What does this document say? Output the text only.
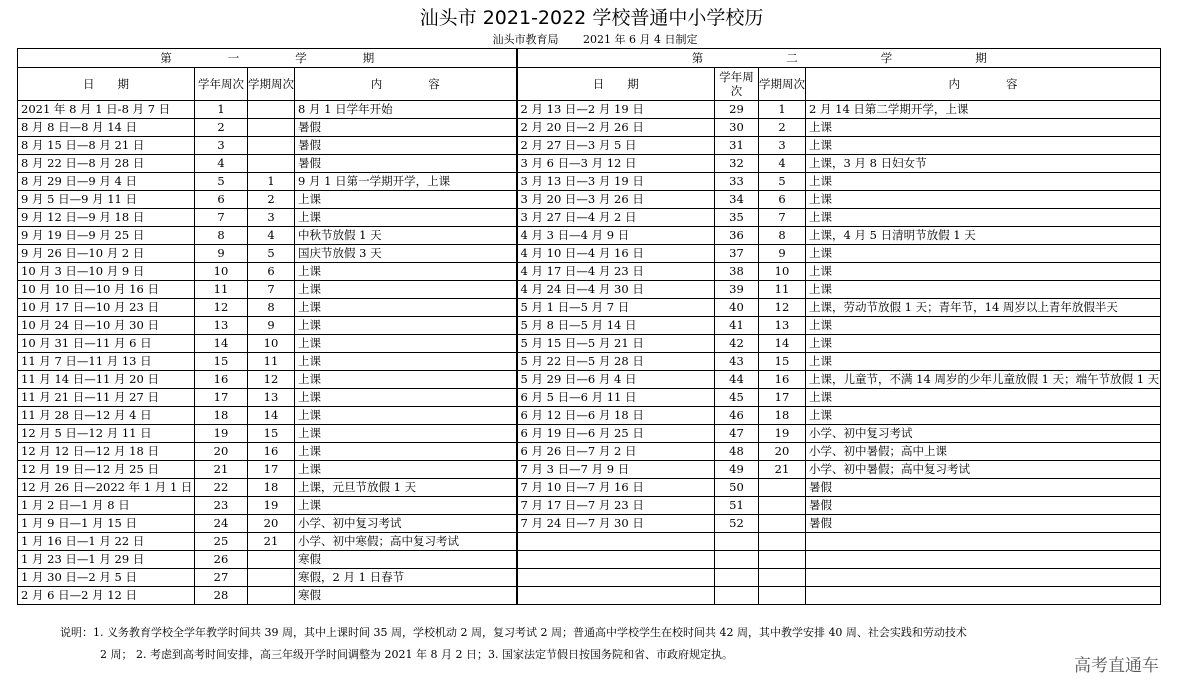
汕头市 2021-2022 学校普通中小学校历
汕头市教育局       2021 年 6 月 4 日制定
第　　　　一　　　　学　　　　期				第　　　　　　二　　　　　　学　　　　　　期			
日　　期	学年周次	学期周次	内　　　　容	日　　期	学年周次	学期周次	内　　　　容
2021 年 8 月 1 日-8 月 7 日	1		8 月 1 日学年开始	2 月 13 日—2 月 19 日	29	1	2 月 14 日第二学期开学，上课
8 月 8 日—8 月 14 日	2		暑假	2 月 20 日—2 月 26 日	30	2	上课
8 月 15 日—8 月 21 日	3		暑假	2 月 27 日—3 月 5 日	31	3	上课
8 月 22 日—8 月 28 日	4		暑假	3 月 6 日—3 月 12 日	32	4	上课，3 月 8 日妇女节
8 月 29 日—9 月 4 日	5	1	9 月 1 日第一学期开学，上课	3 月 13 日—3 月 19 日	33	5	上课
9 月 5 日—9 月 11 日	6	2	上课	3 月 20 日—3 月 26 日	34	6	上课
9 月 12 日—9 月 18 日	7	3	上课	3 月 27 日—4 月 2 日	35	7	上课
9 月 19 日—9 月 25 日	8	4	中秋节放假 1 天	4 月 3 日—4 月 9 日	36	8	上课，4 月 5 日清明节放假 1 天
9 月 26 日—10 月 2 日	9	5	国庆节放假 3 天	4 月 10 日—4 月 16 日	37	9	上课
10 月 3 日—10 月 9 日	10	6	上课	4 月 17 日—4 月 23 日	38	10	上课
10 月 10 日—10 月 16 日	11	7	上课	4 月 24 日—4 月 30 日	39	11	上课
10 月 17 日—10 月 23 日	12	8	上课	5 月 1 日—5 月 7 日	40	12	上课，劳动节放假 1 天；青年节，14 周岁以上青年放假半天
10 月 24 日—10 月 30 日	13	9	上课	5 月 8 日—5 月 14 日	41	13	上课
10 月 31 日—11 月 6 日	14	10	上课	5 月 15 日—5 月 21 日	42	14	上课
11 月 7 日—11 月 13 日	15	11	上课	5 月 22 日—5 月 28 日	43	15	上课
11 月 14 日—11 月 20 日	16	12	上课	5 月 29 日—6 月 4 日	44	16	上课，儿童节，不满 14 周岁的少年儿童放假 1 天；端午节放假 1 天
11 月 21 日—11 月 27 日	17	13	上课	6 月 5 日—6 月 11 日	45	17	上课
11 月 28 日—12 月 4 日	18	14	上课	6 月 12 日—6 月 18 日	46	18	上课
12 月 5 日—12 月 11 日	19	15	上课	6 月 19 日—6 月 25 日	47	19	小学、初中复习考试
12 月 12 日—12 月 18 日	20	16	上课	6 月 26 日—7 月 2 日	48	20	小学、初中暑假；高中上课
12 月 19 日—12 月 25 日	21	17	上课	7 月 3 日—7 月 9 日	49	21	小学、初中暑假；高中复习考试
12 月 26 日—2022 年 1 月 1 日	22	18	上课，元旦节放假 1 天	7 月 10 日—7 月 16 日	50		暑假
1 月 2 日—1 月 8 日	23	19	上课	7 月 17 日—7 月 23 日	51		暑假
1 月 9 日—1 月 15 日	24	20	小学、初中复习考试	7 月 24 日—7 月 30 日	52		暑假
1 月 16 日—1 月 22 日	25	21	小学、初中寒假；高中复习考试				
1 月 23 日—1 月 29 日	26		寒假				
1 月 30 日—2 月 5 日	27		寒假，2 月 1 日春节				
2 月 6 日—2 月 12 日	28		寒假				
说明：1. 义务教育学校全学年教学时间共 39 周，其中上课时间 35 周，学校机动 2 周，复习考试 2 周；普通高中学校学生在校时间共 42 周，其中教学安排 40 周、社会实践和劳动技术
2 周； 2. 考虑到高考时间安排，高三年级开学时间调整为 2021 年 8 月 2 日；3. 国家法定节假日按国务院和省、市政府规定执。
高考直通车
